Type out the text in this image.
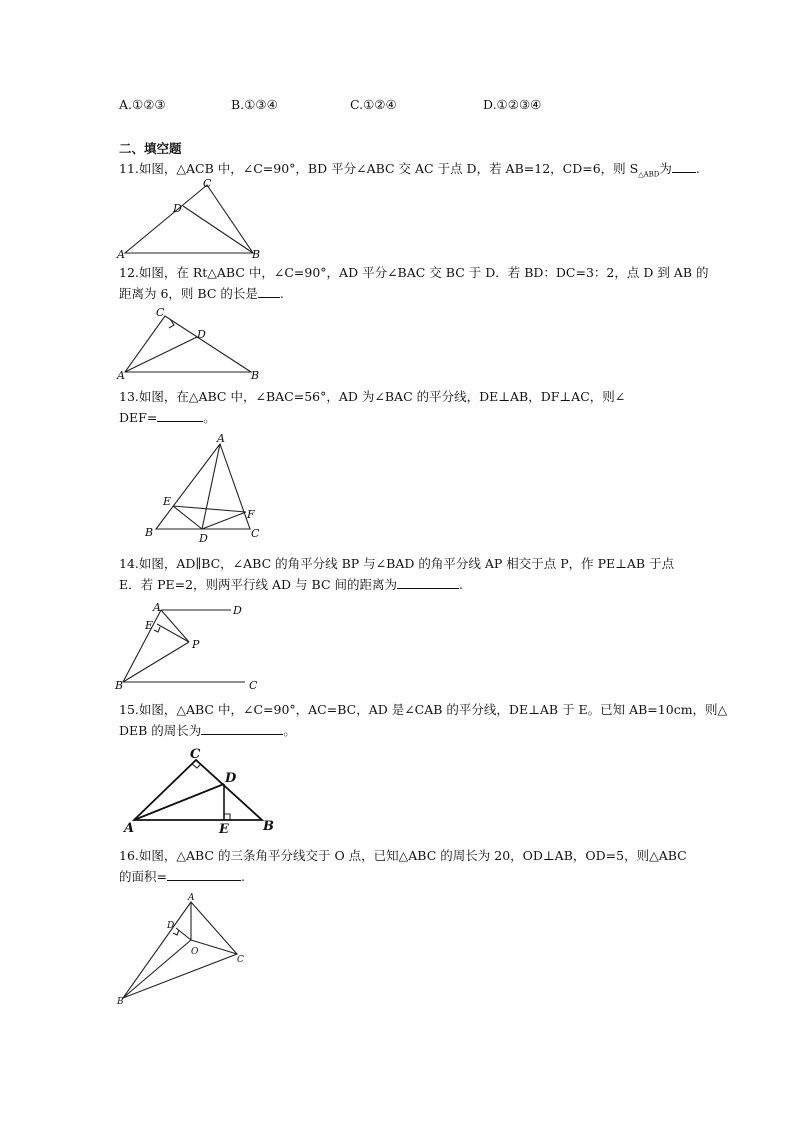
A.①②③	B.①③④	C.①②④	D.①②③④
二、填空题
11.如图，△ACB 中，∠C=90°，BD 平分∠ABC 交 AC 于点 D，若 AB=12，CD=6，则 $S_{\triangle ABD}$为 .
C
D
A	B
12.如图，在 Rt△ABC 中，∠C=90°，AD 平分∠BAC 交 BC 于 D．若 BD：DC=3：2，点 D 到 AB 的
距离为 6，则 BC 的长是 .
C
D
A	B
13.如图，在△ABC 中，∠BAC=56°，AD 为∠BAC 的平分线，DE⊥AB，DF⊥AC，则∠
DEF=	。
A
E
F
B	D	C
14.如图，AD∥BC，∠ABC 的角平分线 BP 与∠BAD 的角平分线 AP 相交于点 P，作 PE⊥AB 于点
E．若 PE=2，则两平行线 AD 与 BC 间的距离为	.
A	D
E
P
B	C
15.如图，△ABC 中，∠C=90°，AC=BC，AD 是∠CAB 的平分线，DE⊥AB 于 E。已知 AB=10cm，则△
DEB 的周长为	。
C
D
A	E	B
16.如图，△ABC 的三条角平分线交于 O 点，已知△ABC 的周长为 20，OD⊥AB，OD=5，则△ABC
的面积=	.
A
D
O
C
B
